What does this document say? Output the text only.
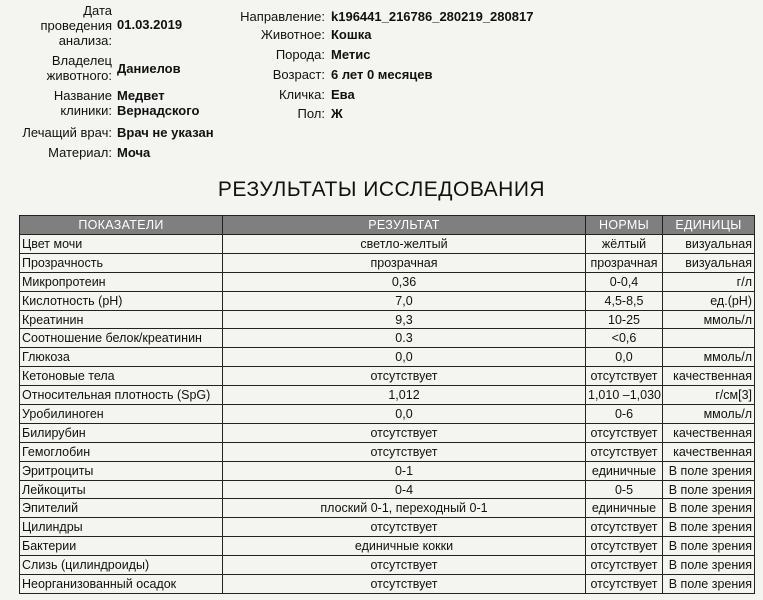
Дата
проведения
анализа:
01.03.2019
Владелец
животного: Даниелов
Название
клиники:
Медвет
Вернадского
Лечащий врач: Врач не указан
Материал: Моча
Направление: k196441_216786_280219_280817
Животное: Кошка
Порода: Метис
Возраст: 6 лет 0 месяцев
Кличка: Ева
Пол: Ж
РЕЗУЛЬТАТЫ ИССЛЕДОВАНИЯ
ПОКАЗАТЕЛИ	РЕЗУЛЬТАТ	НОРМЫ	ЕДИНИЦЫ
Цвет мочи	светло-желтый	жёлтый	визуальная
Прозрачность	прозрачная	прозрачная	визуальная
Микропротеин	0,36	0-0,4	г/л
Кислотность (pH)	7,0	4,5-8,5	ед.(pH)
Креатинин	9,3	10-25	ммоль/л
Соотношение белок/креатинин	0.3	<0,6	
Глюкоза	0,0	0,0	ммоль/л
Кетоновые тела	отсутствует	отсутствует	качественная
Относительная плотность (SpG)	1,012	1,010 –1,030	г/см[3]
Уробилиноген	0,0	0-6	ммоль/л
Билирубин	отсутствует	отсутствует	качественная
Гемоглобин	отсутствует	отсутствует	качественная
Эритроциты	0-1	единичные	В поле зрения
Лейкоциты	0-4	0-5	В поле зрения
Эпителий	плоский 0-1, переходный 0-1	единичные	В поле зрения
Цилиндры	отсутствует	отсутствует	В поле зрения
Бактерии	единичные кокки	отсутствует	В поле зрения
Слизь (цилиндроиды)	отсутствует	отсутствует	В поле зрения
Неорганизованный осадок	отсутствует	отсутствует	В поле зрения
